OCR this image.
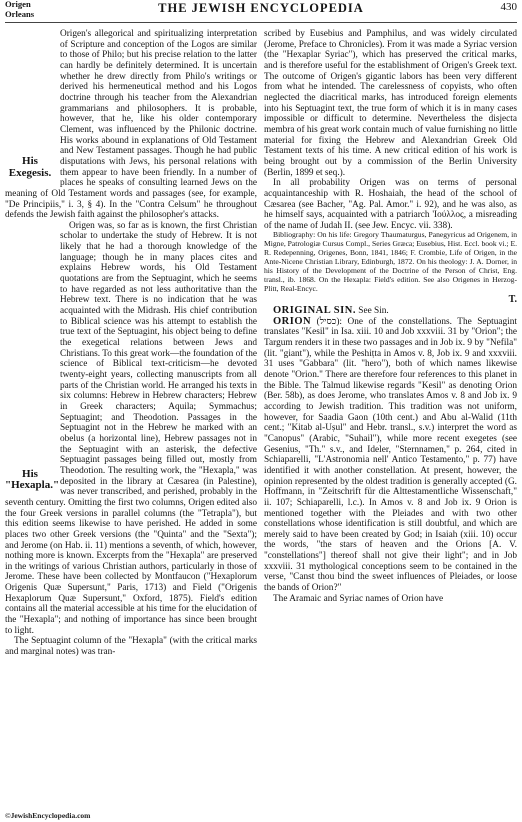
Origen
Orleans	THE JEWISH ENCYCLOPEDIA	430

His Exegesis.
Origen's allegorical and spiritualizing interpretation of Scripture and conception of the Logos are similar to those of Philo; but his precise relation to the latter can hardly be definitely determined. It is uncertain whether he drew directly from Philo's writings or derived his hermeneutical method and his Logos doctrine through his teacher from the Alexandrian grammarians and philosophers. It is probable, however, that he, like his older contemporary Clement, was influenced by the Philonic doctrine. His works abound in explanations of Old Testament and New Testament passages. Though he had public disputations with Jews, his personal relations with them appear to have been friendly. In a number of places he speaks of consulting learned Jews on the meaning of Old Testament words and passages (see, for example, "De Principiis," i. 3, § 4). In the "Contra Celsum" he throughout defends the Jewish faith against the philosopher's attacks.

His "Hexapla."
Origen was, so far as is known, the first Christian scholar to undertake the study of Hebrew. It is not likely that he had a thorough knowledge of the language; though he in many places cites and explains Hebrew words, his Old Testament quotations are from the Septuagint, which he seems to have regarded as not less authoritative than the Hebrew text. There is no indication that he was acquainted with the Midrash. His chief contribution to Biblical science was his attempt to establish the true text of the Septuagint, his object being to define the exegetical relations between Jews and Christians. To this great work—the foundation of the science of Biblical text-criticism—he devoted twenty-eight years, collecting manuscripts from all parts of the Christian world. He arranged his texts in six columns: Hebrew in Hebrew characters; Hebrew in Greek characters; Aquila; Symmachus; Septuagint; and Theodotion. Passages in the Septuagint not in the Hebrew he marked with an obelus (a horizontal line), Hebrew passages not in the Septuagint with an asterisk, the defective Septuagint passages being filled out, mostly from Theodotion. The resulting work, the "Hexapla," was deposited in the library at Cæsarea (in Palestine), was never transcribed, and perished, probably in the seventh century. Omitting the first two columns, Origen edited also the four Greek versions in parallel columns (the "Tetrapla"), but this edition seems likewise to have perished. He added in some places two other Greek versions (the "Quinta" and the "Sexta"); and Jerome (on Hab. ii. 11) mentions a seventh, of which, however, nothing more is known. Excerpts from the "Hexapla" are preserved in the writings of various Christian authors, particularly in those of Jerome. These have been collected by Montfaucon ("Hexaplorum Origenis Quæ Supersunt," Paris, 1713) and Field ("Origenis Hexaplorum Quæ Supersunt," Oxford, 1875). Field's edition contains all the material accessible at his time for the elucidation of the "Hexapla"; and nothing of importance has since been brought to light.

The Septuagint column of the "Hexapla" (with the critical marks and marginal notes) was tran-

scribed by Eusebius and Pamphilus, and was widely circulated (Jerome, Preface to Chronicles). From it was made a Syriac version (the "Hexaplar Syriac"), which has preserved the critical marks, and is therefore useful for the establishment of Origen's Greek text. The outcome of Origen's gigantic labors has been very different from what he intended. The carelessness of copyists, who often neglected the diacritical marks, has introduced foreign elements into his Septuagint text, the true form of which it is in many cases impossible or difficult to determine. Nevertheless the disjecta membra of his great work contain much of value furnishing no little material for fixing the Hebrew and Alexandrian Greek Old Testament texts of his time. A new critical edition of his work is being brought out by a commission of the Berlin University (Berlin, 1899 et seq.).

In all probability Origen was on terms of personal acquaintanceship with R. Hoshaiah, the head of the school of Cæsarea (see Bacher, "Ag. Pal. Amor." i. 92), and he was also, as he himself says, acquainted with a patriarch 'Ιούλλος, a misreading of the name of Judah II. (see Jew. Encyc. vii. 338).

Bibliography: On his life: Gregory Thaumaturgus, Panegyricus ad Origenem, in Migne, Patrologiæ Cursus Compl., Series Græca; Eusebius, Hist. Eccl. book vi.; E. R. Redepenning, Origenes, Bonn, 1841, 1846; F. Crombie, Life of Origen, in the Ante-Nicene Christian Library, Edinburgh, 1872. On his theology: J. A. Dorner, in his History of the Development of the Doctrine of the Person of Christ, Eng. transl., ib. 1868. On the Hexapla: Field's edition. See also Origenes in Herzog-Plitt, Real-Encyc.

T.

ORIGINAL SIN. See Sin.

ORION (כסיל): One of the constellations. The Septuagint translates "Kesil" in Isa. xiii. 10 and Job xxxviii. 31 by "Orion"; the Targum renders it in these two passages and in Job ix. 9 by "Nefila" (lit. "giant"), while the Peshiṭta in Amos v. 8, Job ix. 9 and xxxviii. 31 uses "Gabbara" (lit. "hero"), both of which names likewise denote "Orion." There are therefore four references to this planet in the Bible. The Talmud likewise regards "Kesil" as denoting Orion (Ber. 58b), as does Jerome, who translates Amos v. 8 and Job ix. 9 according to Jewish tradition. This tradition was not uniform, however, for Saadia Gaon (10th cent.) and Abu al-Walid (11th cent.; "Kitab al-Uṣul" and Hebr. transl., s.v.) interpret the word as "Canopus" (Arabic, "Suhail"), while more recent exegetes (see Gesenius, "Th." s.v., and Ideler, "Sternnamen," p. 264, cited in Schiaparelli, "L'Astronomia nell' Antico Testamento," p. 77) have identified it with another constellation. At present, however, the opinion represented by the oldest tradition is generally accepted (G. Hoffmann, in "Zeitschrift für die Alttestamentliche Wissenschaft," ii. 107; Schiaparelli, l.c.). In Amos v. 8 and Job ix. 9 Orion is mentioned together with the Pleiades and with two other constellations whose identification is still doubtful, and which are merely said to have been created by God; in Isaiah (xiii. 10) occur the words, "the stars of heaven and the Orions [A. V. "constellations"] thereof shall not give their light"; and in Job xxxviii. 31 mythological conceptions seem to be contained in the verse, "Canst thou bind the sweet influences of Pleiades, or loose the bands of Orion?"

The Aramaic and Syriac names of Orion have

©JewishEncyclopedia.com
